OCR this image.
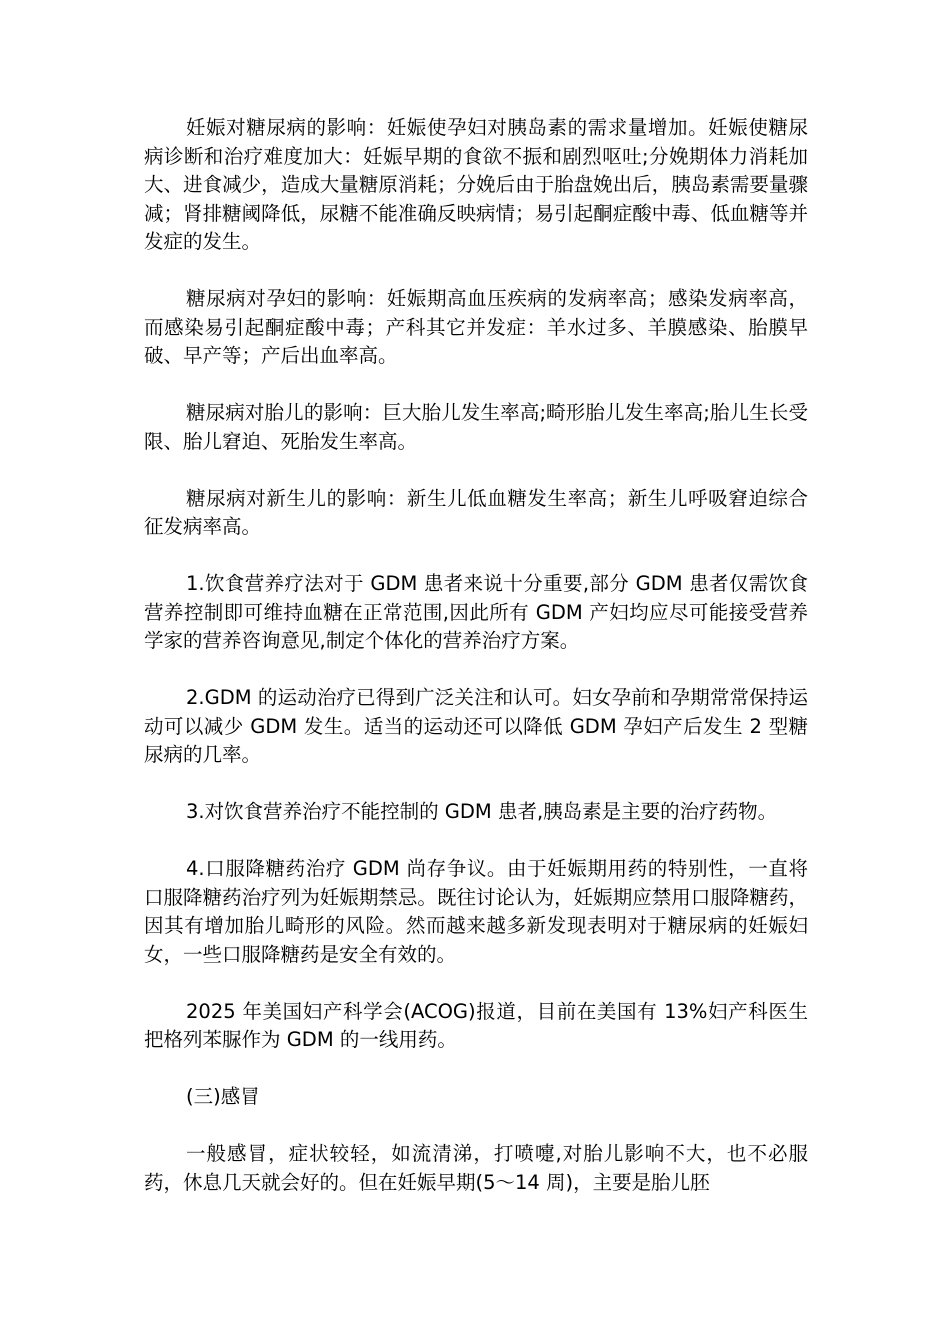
妊娠对糖尿病的影响：妊娠使孕妇对胰岛素的需求量增加。妊娠使糖尿病诊断和治疗难度加大：妊娠早期的食欲不振和剧烈呕吐;分娩期体力消耗加大、进食减少，造成大量糖原消耗；分娩后由于胎盘娩出后，胰岛素需要量骤减；肾排糖阈降低，尿糖不能准确反映病情；易引起酮症酸中毒、低血糖等并发症的发生。

糖尿病对孕妇的影响：妊娠期高血压疾病的发病率高；感染发病率高，而感染易引起酮症酸中毒；产科其它并发症：羊水过多、羊膜感染、胎膜早破、早产等；产后出血率高。

糖尿病对胎儿的影响：巨大胎儿发生率高;畸形胎儿发生率高;胎儿生长受限、胎儿窘迫、死胎发生率高。

糖尿病对新生儿的影响：新生儿低血糖发生率高；新生儿呼吸窘迫综合征发病率高。

1.饮食营养疗法对于 GDM 患者来说十分重要,部分 GDM 患者仅需饮食营养控制即可维持血糖在正常范围,因此所有 GDM 产妇均应尽可能接受营养学家的营养咨询意见,制定个体化的营养治疗方案。

2.GDM 的运动治疗已得到广泛关注和认可。妇女孕前和孕期常常保持运动可以减少 GDM 发生。适当的运动还可以降低 GDM 孕妇产后发生 2 型糖尿病的几率。

3.对饮食营养治疗不能控制的 GDM 患者,胰岛素是主要的治疗药物。

4.口服降糖药治疗 GDM 尚存争议。由于妊娠期用药的特别性，一直将口服降糖药治疗列为妊娠期禁忌。既往讨论认为，妊娠期应禁用口服降糖药，因其有增加胎儿畸形的风险。然而越来越多新发现表明对于糖尿病的妊娠妇女，一些口服降糖药是安全有效的。

2025 年美国妇产科学会(ACOG)报道，目前在美国有 13%妇产科医生把格列苯脲作为 GDM 的一线用药。

(三)感冒

一般感冒，症状较轻，如流清涕，打喷嚏,对胎儿影响不大，也不必服药，休息几天就会好的。但在妊娠早期(5～14 周)，主要是胎儿胚
